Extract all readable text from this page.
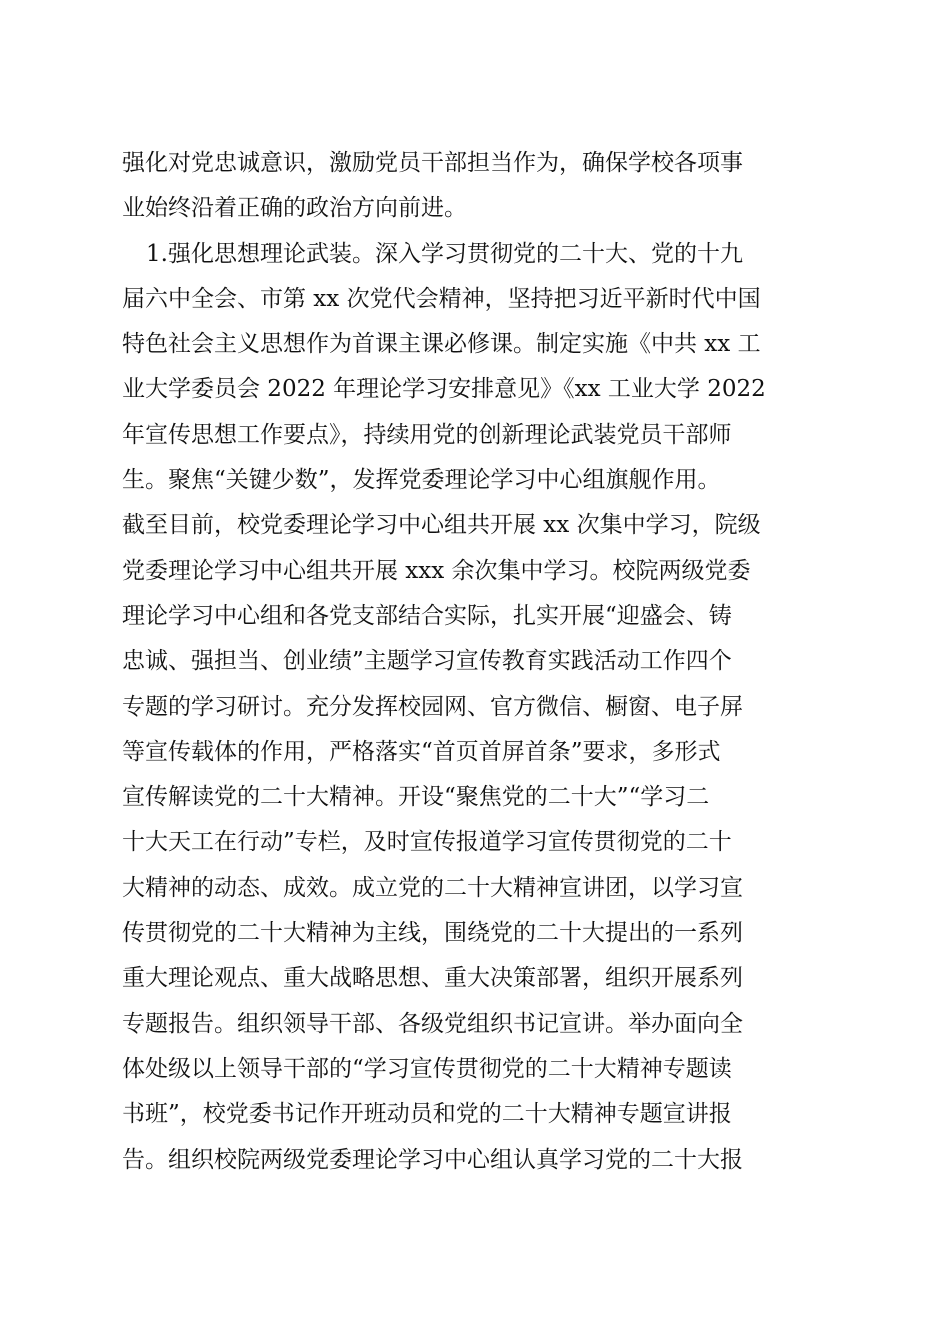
强化对党忠诚意识，激励党员干部担当作为，确保学校各项事
业始终沿着正确的政治方向前进。
1.强化思想理论武装。深入学习贯彻党的二十大、党的十九
届六中全会、市第 xx 次党代会精神，坚持把习近平新时代中国
特色社会主义思想作为首课主课必修课。制定实施《中共 xx 工
业大学委员会 2022 年理论学习安排意见》《xx 工业大学 2022
年宣传思想工作要点》，持续用党的创新理论武装党员干部师
生。聚焦“关键少数”，发挥党委理论学习中心组旗舰作用。
截至目前，校党委理论学习中心组共开展 xx 次集中学习，院级
党委理论学习中心组共开展 xxx 余次集中学习。校院两级党委
理论学习中心组和各党支部结合实际，扎实开展“迎盛会、铸
忠诚、强担当、创业绩”主题学习宣传教育实践活动工作四个
专题的学习研讨。充分发挥校园网、官方微信、橱窗、电子屏
等宣传载体的作用，严格落实“首页首屏首条”要求，多形式
宣传解读党的二十大精神。开设“聚焦党的二十大”“学习二
十大天工在行动”专栏，及时宣传报道学习宣传贯彻党的二十
大精神的动态、成效。成立党的二十大精神宣讲团，以学习宣
传贯彻党的二十大精神为主线，围绕党的二十大提出的一系列
重大理论观点、重大战略思想、重大决策部署，组织开展系列
专题报告。组织领导干部、各级党组织书记宣讲。举办面向全
体处级以上领导干部的“学习宣传贯彻党的二十大精神专题读
书班”，校党委书记作开班动员和党的二十大精神专题宣讲报
告。组织校院两级党委理论学习中心组认真学习党的二十大报
